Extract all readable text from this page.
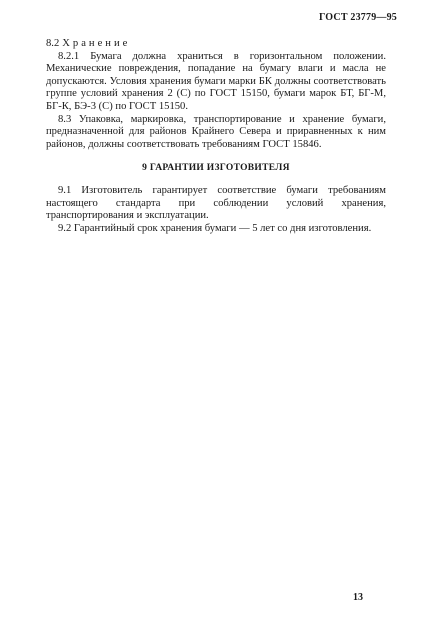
ГОСТ 23779—95

8.2 Хранение

8.2.1 Бумага должна храниться в горизонтальном положении. Механические повреждения, попадание на бумагу влаги и масла не допускаются. Условия хранения бумаги марки БК должны соответствовать группе условий хранения 2 (С) по ГОСТ 15150, бумаги марок БТ, БГ-М, БГ-К, БЭ-3 (С) по ГОСТ 15150.

8.3 Упаковка, маркировка, транспортирование и хранение бумаги, предназначенной для районов Крайнего Севера и приравненных к ним районов, должны соответствовать требованиям ГОСТ 15846.

9 ГАРАНТИИ ИЗГОТОВИТЕЛЯ

9.1 Изготовитель гарантирует соответствие бумаги требованиям настоящего стандарта при соблюдении условий хранения, транспортирования и эксплуатации.

9.2 Гарантийный срок хранения бумаги — 5 лет со дня изготовления.

13
